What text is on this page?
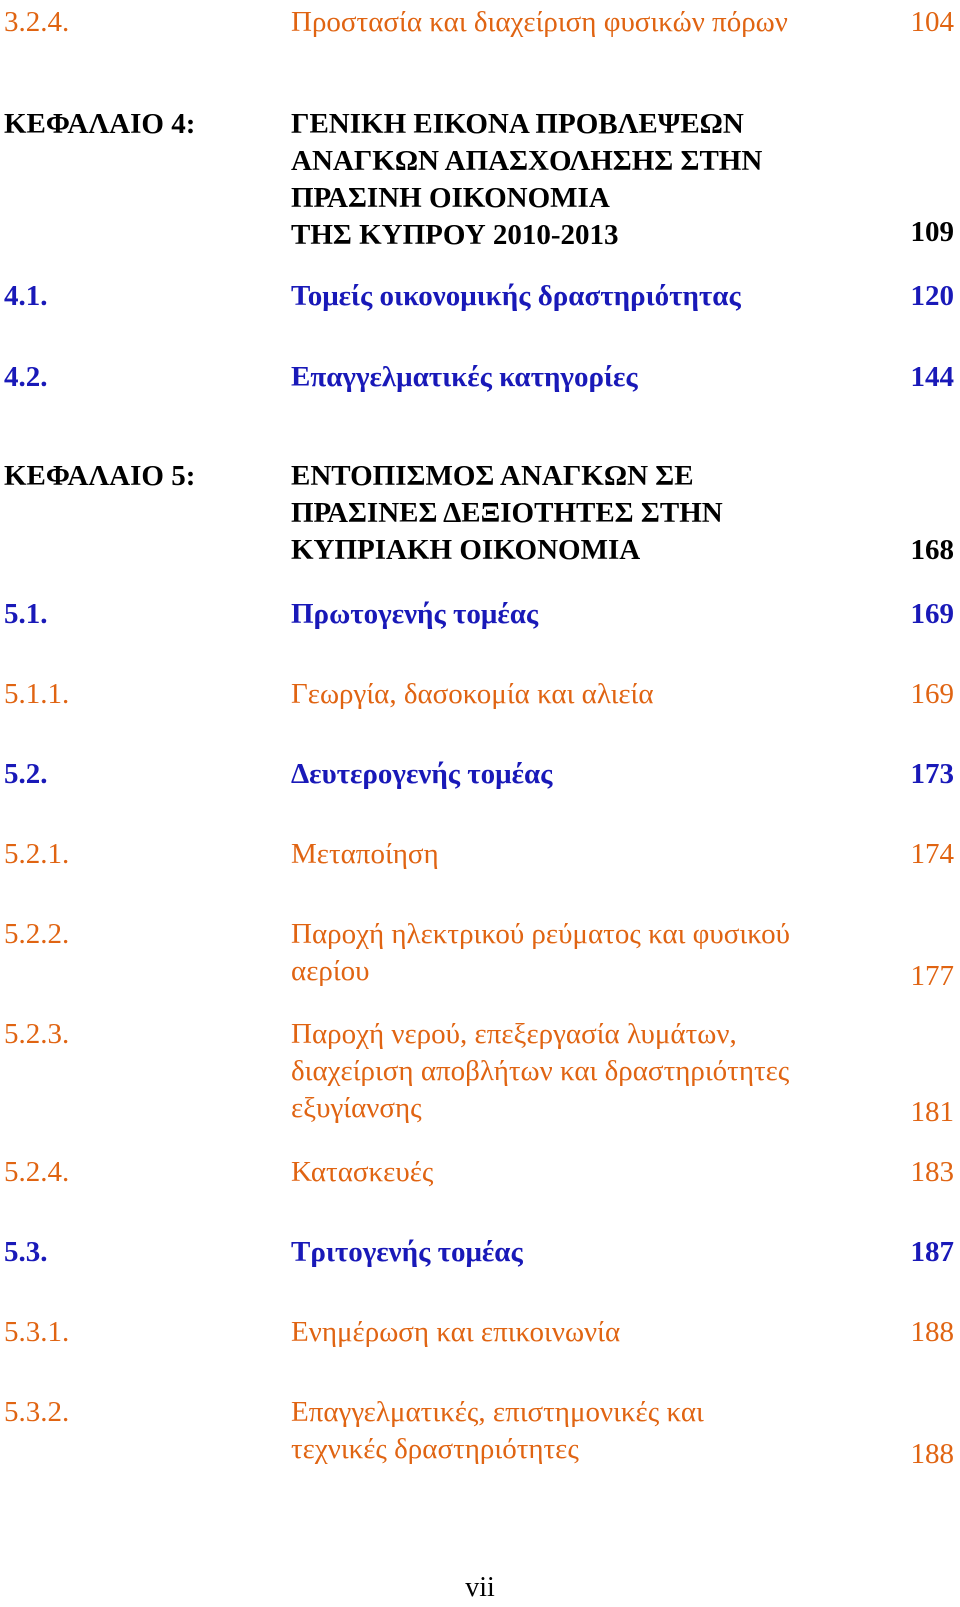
3.2.4.	Προστασία και διαχείριση φυσικών πόρων	104
ΚΕΦΑΛΑΙΟ 4:	ΓΕΝΙΚΗ ΕΙΚΟΝΑ ΠΡΟΒΛΕΨΕΩΝ
ΑΝΑΓΚΩΝ ΑΠΑΣΧΟΛΗΣΗΣ ΣΤΗΝ
ΠΡΑΣΙΝΗ ΟΙΚΟΝΟΜΙΑ
ΤΗΣ ΚΥΠΡΟΥ 2010-2013	109
4.1.	Τομείς οικονομικής δραστηριότητας	120
4.2.	Επαγγελματικές κατηγορίες	144
ΚΕΦΑΛΑΙΟ 5:	ΕΝΤΟΠΙΣΜΟΣ ΑΝΑΓΚΩΝ ΣΕ
ΠΡΑΣΙΝΕΣ ΔΕΞΙΟΤΗΤΕΣ ΣΤΗΝ
ΚΥΠΡΙΑΚΗ ΟΙΚΟΝΟΜΙΑ	168
5.1.	Πρωτογενής τομέας	169
5.1.1.	Γεωργία, δασοκομία και αλιεία	169
5.2.	Δευτερογενής τομέας	173
5.2.1.	Μεταποίηση	174
5.2.2.	Παροχή ηλεκτρικού ρεύματος και φυσικού
αερίου	177
5.2.3.	Παροχή νερού, επεξεργασία λυμάτων,
διαχείριση αποβλήτων και δραστηριότητες
εξυγίανσης	181
5.2.4.	Κατασκευές	183
5.3.	Τριτογενής τομέας	187
5.3.1.	Ενημέρωση και επικοινωνία	188
5.3.2.	Επαγγελματικές, επιστημονικές και
τεχνικές δραστηριότητες	188
vii
